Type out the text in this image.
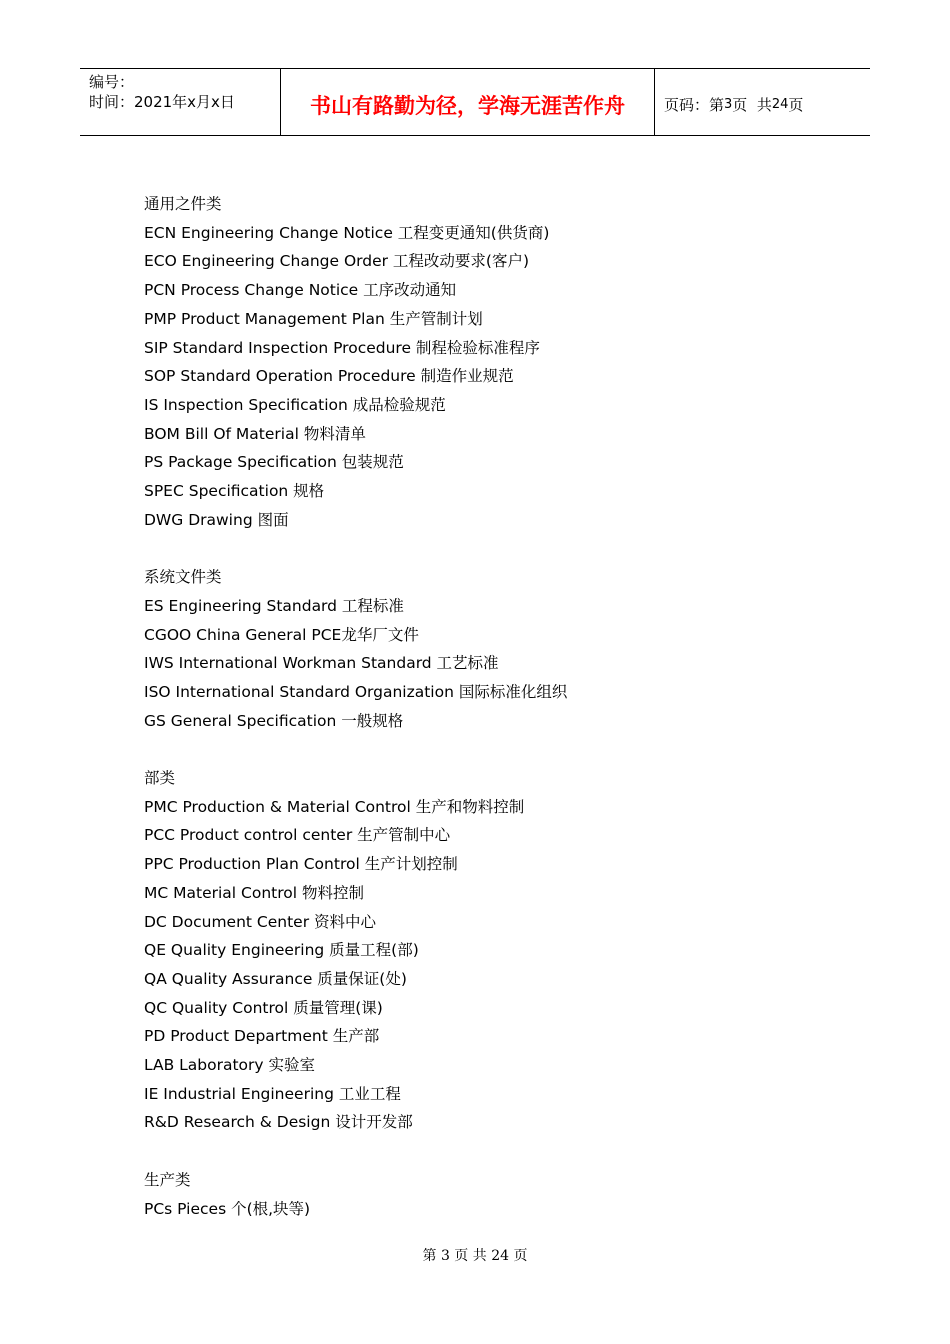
编号：
时间：2021年x月x日	书山有路勤为径，学海无涯苦作舟	页码：第 3 页  共 24 页
通用之件类
ECN Engineering Change Notice 工程变更通知(供货商)
ECO Engineering Change Order 工程改动要求(客户)
PCN Process Change Notice 工序改动通知
PMP Product Management Plan 生产管制计划
SIP Standard Inspection Procedure 制程检验标准程序
SOP Standard Operation Procedure 制造作业规范
IS Inspection Specification 成品检验规范
BOM Bill Of Material 物料清单
PS Package Specification 包装规范
SPEC Specification 规格
DWG Drawing 图面
系统文件类
ES Engineering Standard 工程标准
CGOO China General PCE龙华厂文件
IWS International Workman Standard 工艺标准
ISO International Standard Organization 国际标准化组织
GS General Specification 一般规格
部类
PMC Production & Material Control 生产和物料控制
PCC Product control center 生产管制中心
PPC Production Plan Control 生产计划控制
MC Material Control 物料控制
DC Document Center 资料中心
QE Quality Engineering 质量工程(部)
QA Quality Assurance 质量保证(处)
QC Quality Control 质量管理(课)
PD Product Department 生产部
LAB Laboratory 实验室
IE Industrial Engineering 工业工程
R&D Research & Design 设计开发部
生产类
PCs Pieces 个(根,块等)
第 3 页 共 24 页
